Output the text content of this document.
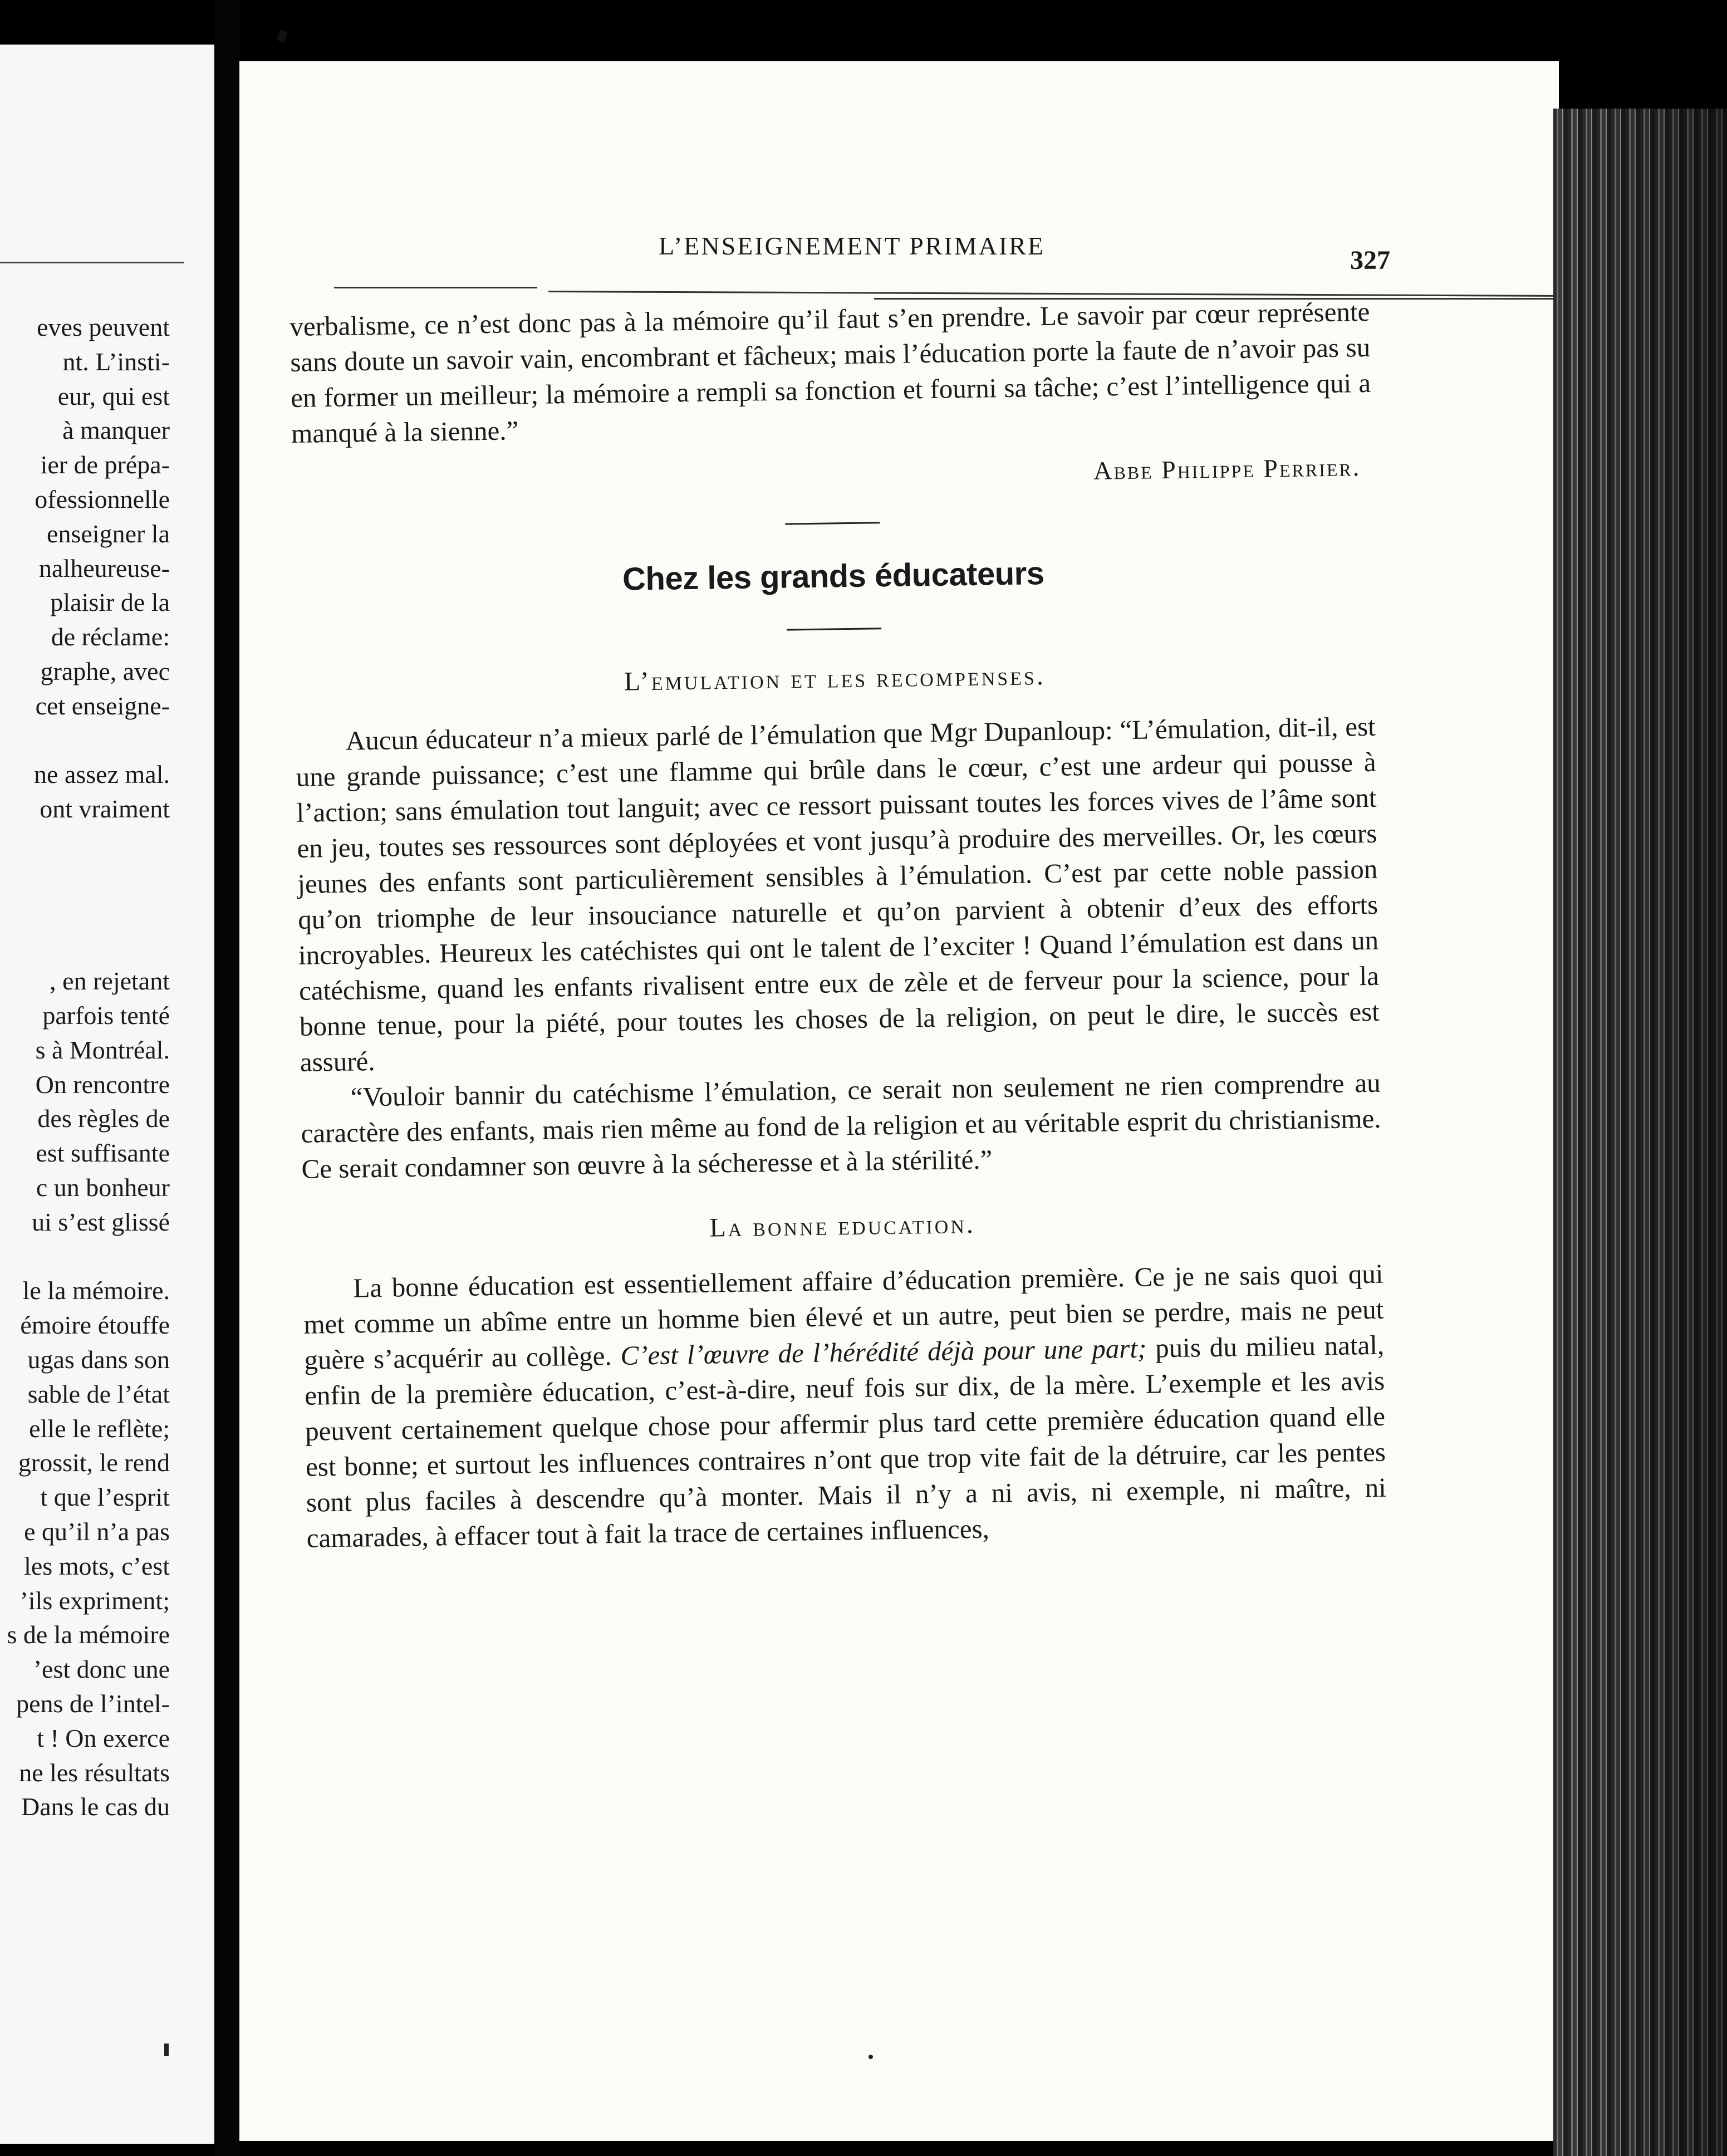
eves peuvent
nt. L’insti-
eur, qui est
à manquer
ier de prépa-
ofessionnelle
enseigner la
nalheureuse-
plaisir de la
de réclame:
graphe, avec
cet enseigne-
ne assez mal.
ont vraiment
, en rejetant
parfois tenté
s à Montréal.
On rencontre
des règles de
est suffisante
c un bonheur
ui s’est glissé
le la mémoire.
émoire étouffe
ugas dans son
sable de l’état
elle le reflète;
grossit, le rend
t que l’esprit
e qu’il n’a pas
les mots, c’est
’ils expriment;
s de la mémoire
’est donc une
pens de l’intel-
t ! On exerce
ne les résultats
Dans le cas du
L’ENSEIGNEMENT PRIMAIRE	327

verbalisme, ce n’est donc pas à la mémoire qu’il faut s’en prendre. Le savoir par cœur représente sans doute un savoir vain, encombrant et fâcheux; mais l’éducation porte la faute de n’avoir pas su en former un meilleur; la mémoire a rempli sa fonction et fourni sa tâche; c’est l’intelligence qui a manqué à la sienne.”

Abbe Philippe Perrier.
Chez les grands éducateurs
L’emulation et les recompenses.

Aucun éducateur n’a mieux parlé de l’émulation que Mgr Dupanloup: “L’émulation, dit-il, est une grande puissance; c’est une flamme qui brûle dans le cœur, c’est une ardeur qui pousse à l’action; sans émulation tout languit; avec ce ressort puissant toutes les forces vives de l’âme sont en jeu, toutes ses ressources sont déployées et vont jusqu’à produire des merveilles. Or, les cœurs jeunes des enfants sont particulièrement sensibles à l’émulation. C’est par cette noble passion qu’on triomphe de leur insouciance naturelle et qu’on parvient à obtenir d’eux des efforts incroyables. Heureux les catéchistes qui ont le talent de l’exciter ! Quand l’émulation est dans un catéchisme, quand les enfants rivalisent entre eux de zèle et de ferveur pour la science, pour la bonne tenue, pour la piété, pour toutes les choses de la religion, on peut le dire, le succès est assuré.

“Vouloir bannir du catéchisme l’émulation, ce serait non seulement ne rien comprendre au caractère des enfants, mais rien même au fond de la religion et au véritable esprit du christianisme. Ce serait condamner son œuvre à la sécheresse et à la stérilité.”

La bonne education.

La bonne éducation est essentiellement affaire d’éducation première. Ce je ne sais quoi qui met comme un abîme entre un homme bien élevé et un autre, peut bien se perdre, mais ne peut guère s’acquérir au collège. C’est l’œuvre de l’hérédité déjà pour une part; puis du milieu natal, enfin de la première éducation, c’est-à-dire, neuf fois sur dix, de la mère. L’exemple et les avis peuvent certainement quelque chose pour affermir plus tard cette première éducation quand elle est bonne; et surtout les influences contraires n’ont que trop vite fait de la détruire, car les pentes sont plus faciles à descendre qu’à monter. Mais il n’y a ni avis, ni exemple, ni maître, ni camarades, à effacer tout à fait la trace de certaines influences,
